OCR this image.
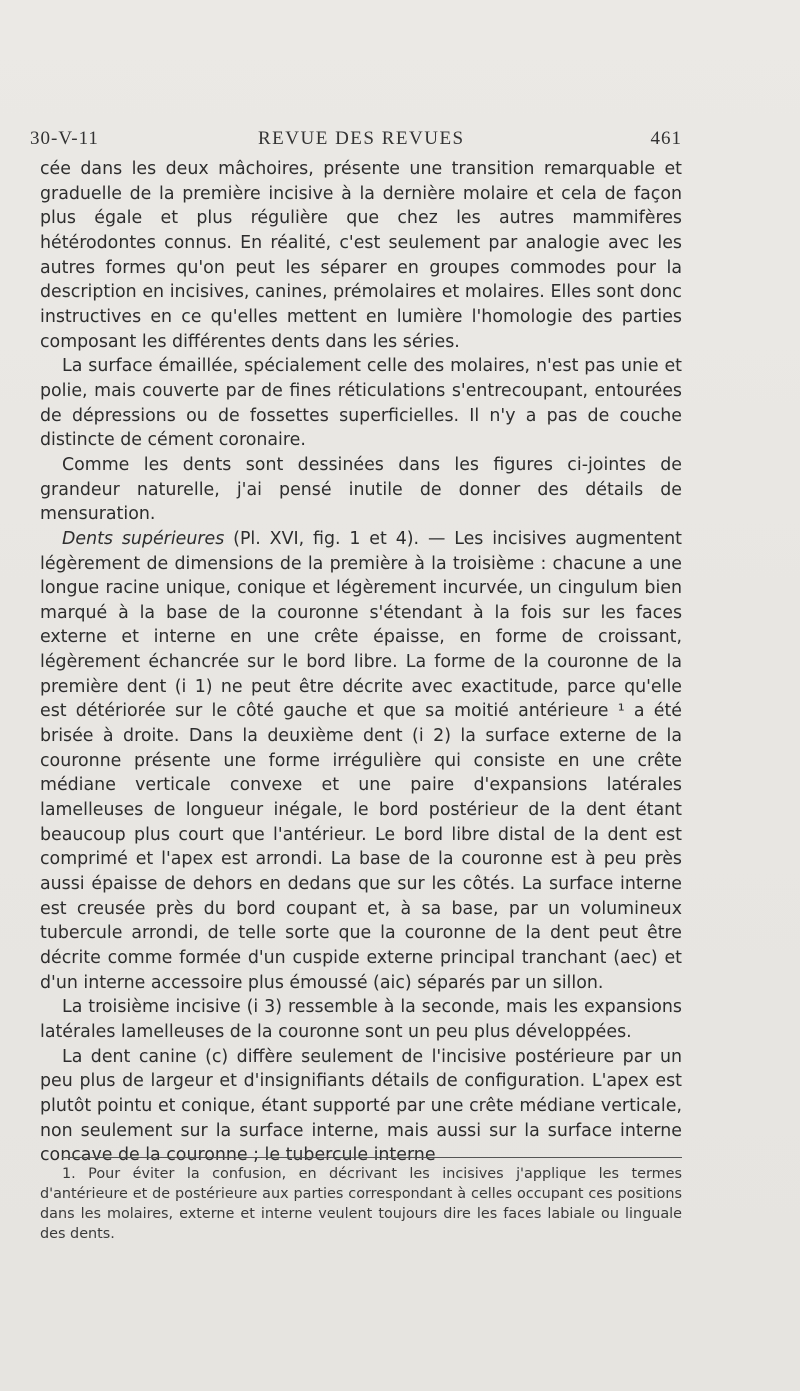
30-V-11	REVUE DES REVUES	461

cée dans les deux mâchoires, présente une transition remarquable et graduelle de la première incisive à la dernière molaire et cela de façon plus égale et plus régulière que chez les autres mammifères hétérodontes connus. En réalité, c'est seulement par analogie avec les autres formes qu'on peut les séparer en groupes commodes pour la description en incisives, canines, prémolaires et molaires. Elles sont donc instructives en ce qu'elles mettent en lumière l'homologie des parties composant les différentes dents dans les séries.

La surface émaillée, spécialement celle des molaires, n'est pas unie et polie, mais couverte par de fines réticulations s'entrecoupant, entourées de dépressions ou de fossettes superficielles. Il n'y a pas de couche distincte de cément coronaire.

Comme les dents sont dessinées dans les figures ci-jointes de grandeur naturelle, j'ai pensé inutile de donner des détails de mensuration.

Dents supérieures (Pl. XVI, fig. 1 et 4). — Les incisives augmentent légèrement de dimensions de la première à la troisième : chacune a une longue racine unique, conique et légèrement incurvée, un cingulum bien marqué à la base de la couronne s'étendant à la fois sur les faces externe et interne en une crête épaisse, en forme de croissant, légèrement échancrée sur le bord libre. La forme de la couronne de la première dent (i 1) ne peut être décrite avec exactitude, parce qu'elle est détériorée sur le côté gauche et que sa moitié antérieure ¹ a été brisée à droite. Dans la deuxième dent (i 2) la surface externe de la couronne présente une forme irrégulière qui consiste en une crête médiane verticale convexe et une paire d'expansions latérales lamelleuses de longueur inégale, le bord postérieur de la dent étant beaucoup plus court que l'antérieur. Le bord libre distal de la dent est comprimé et l'apex est arrondi. La base de la couronne est à peu près aussi épaisse de dehors en dedans que sur les côtés. La surface interne est creusée près du bord coupant et, à sa base, par un volumineux tubercule arrondi, de telle sorte que la couronne de la dent peut être décrite comme formée d'un cuspide externe principal tranchant (aec) et d'un interne accessoire plus émoussé (aic) séparés par un sillon.

La troisième incisive (i 3) ressemble à la seconde, mais les expansions latérales lamelleuses de la couronne sont un peu plus développées.

La dent canine (c) diffère seulement de l'incisive postérieure par un peu plus de largeur et d'insignifiants détails de configuration. L'apex est plutôt pointu et conique, étant supporté par une crête médiane verticale, non seulement sur la surface interne, mais aussi sur la surface interne concave de la couronne ; le tubercule interne

1. Pour éviter la confusion, en décrivant les incisives j'applique les termes d'antérieure et de postérieure aux parties correspondant à celles occupant ces positions dans les molaires, externe et interne veulent toujours dire les faces labiale ou linguale des dents.
